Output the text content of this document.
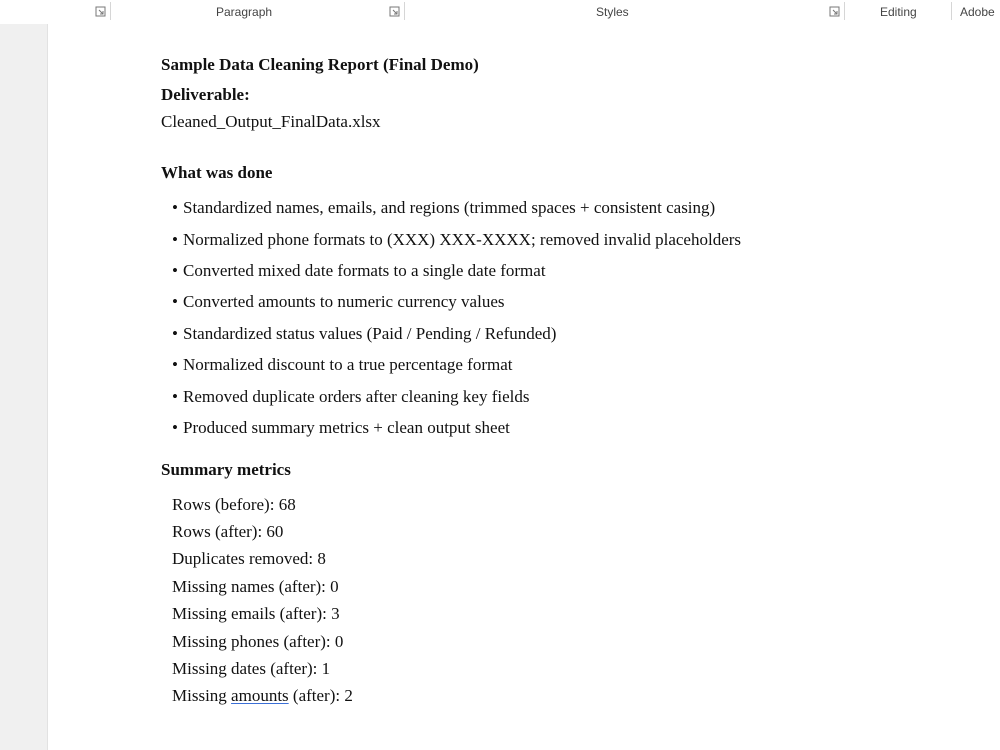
Paragraph	Styles	Editing	Adobe
Sample Data Cleaning Report (Final Demo)
Deliverable:
Cleaned_Output_FinalData.xlsx
What was done
• Standardized names, emails, and regions (trimmed spaces + consistent casing)
• Normalized phone formats to (XXX) XXX-XXXX; removed invalid placeholders
• Converted mixed date formats to a single date format
• Converted amounts to numeric currency values
• Standardized status values (Paid / Pending / Refunded)
• Normalized discount to a true percentage format
• Removed duplicate orders after cleaning key fields
• Produced summary metrics + clean output sheet
Summary metrics
Rows (before): 68
Rows (after): 60
Duplicates removed: 8
Missing names (after): 0
Missing emails (after): 3
Missing phones (after): 0
Missing dates (after): 1
Missing amounts (after): 2
